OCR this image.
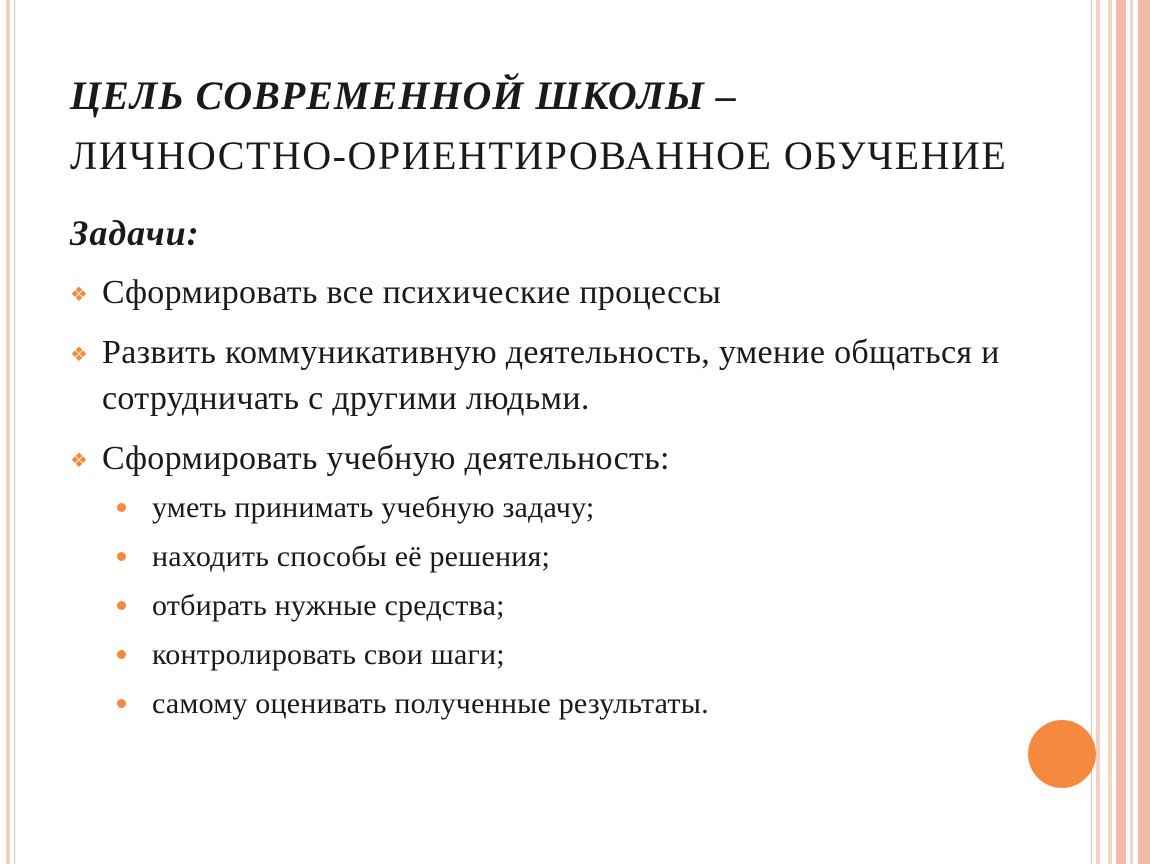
ЦЕЛЬ СОВРЕМЕННОЙ ШКОЛЫ –
ЛИЧНОСТНО-ОРИЕНТИРОВАННОЕ ОБУЧЕНИЕ
Задачи:
❖ Сформировать все психические процессы
❖ Развить коммуникативную деятельность, умение общаться и сотрудничать с другими людьми.
❖ Сформировать учебную деятельность:
уметь принимать учебную задачу;
находить способы её решения;
отбирать нужные средства;
контролировать свои шаги;
самому оценивать полученные результаты.
